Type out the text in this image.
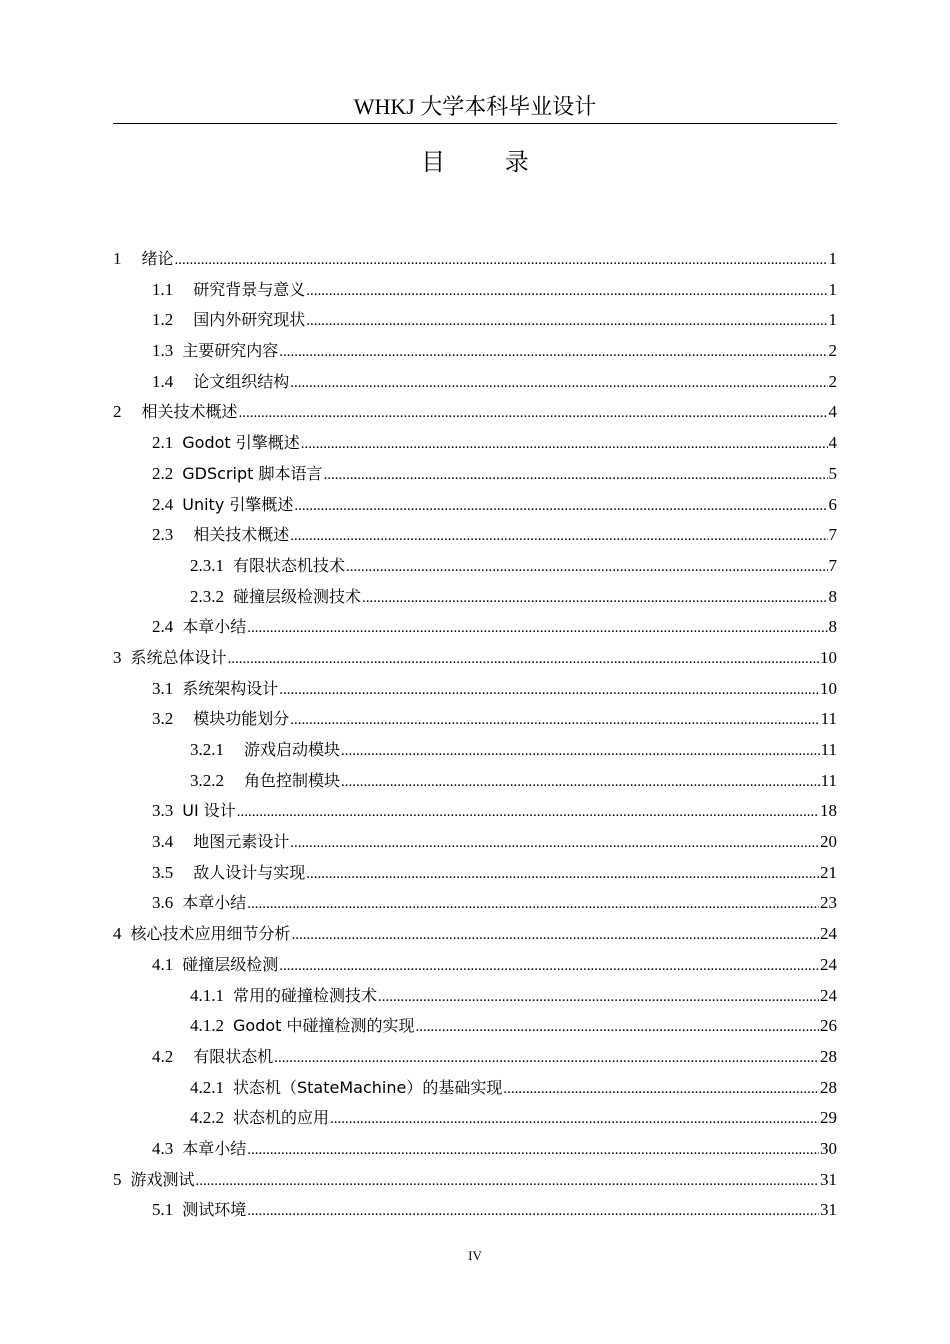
WHKJ 大学本科毕业设计
目 录
1 绪论 .....	1
1.1 研究背景与意义 .....	1
1.2 国内外研究现状 .....	1
1.3 主要研究内容 .....	2
1.4 论文组织结构 .....	2
2 相关技术概述 .....	4
2.1 Godot 引擎概述 .....	4
2.2 GDScript 脚本语言 .....	5
2.4 Unity 引擎概述 .....	6
2.3 相关技术概述 .....	7
2.3.1 有限状态机技术 .....	7
2.3.2 碰撞层级检测技术 .....	8
2.4 本章小结 .....	8
3 系统总体设计 .....	10
3.1 系统架构设计 .....	10
3.2 模块功能划分 .....	11
3.2.1 游戏启动模块 .....	11
3.2.2 角色控制模块 .....	11
3.3 UI 设计 .....	18
3.4 地图元素设计 .....	20
3.5 敌人设计与实现 .....	21
3.6 本章小结 .....	23
4 核心技术应用细节分析 .....	24
4.1 碰撞层级检测 .....	24
4.1.1 常用的碰撞检测技术 .....	24
4.1.2 Godot 中碰撞检测的实现 .....	26
4.2 有限状态机 .....	28
4.2.1 状态机（StateMachine）的基础实现 .....	28
4.2.2 状态机的应用 .....	29
4.3 本章小结 .....	30
5 游戏测试 .....	31
5.1 测试环境 .....	31
IV
